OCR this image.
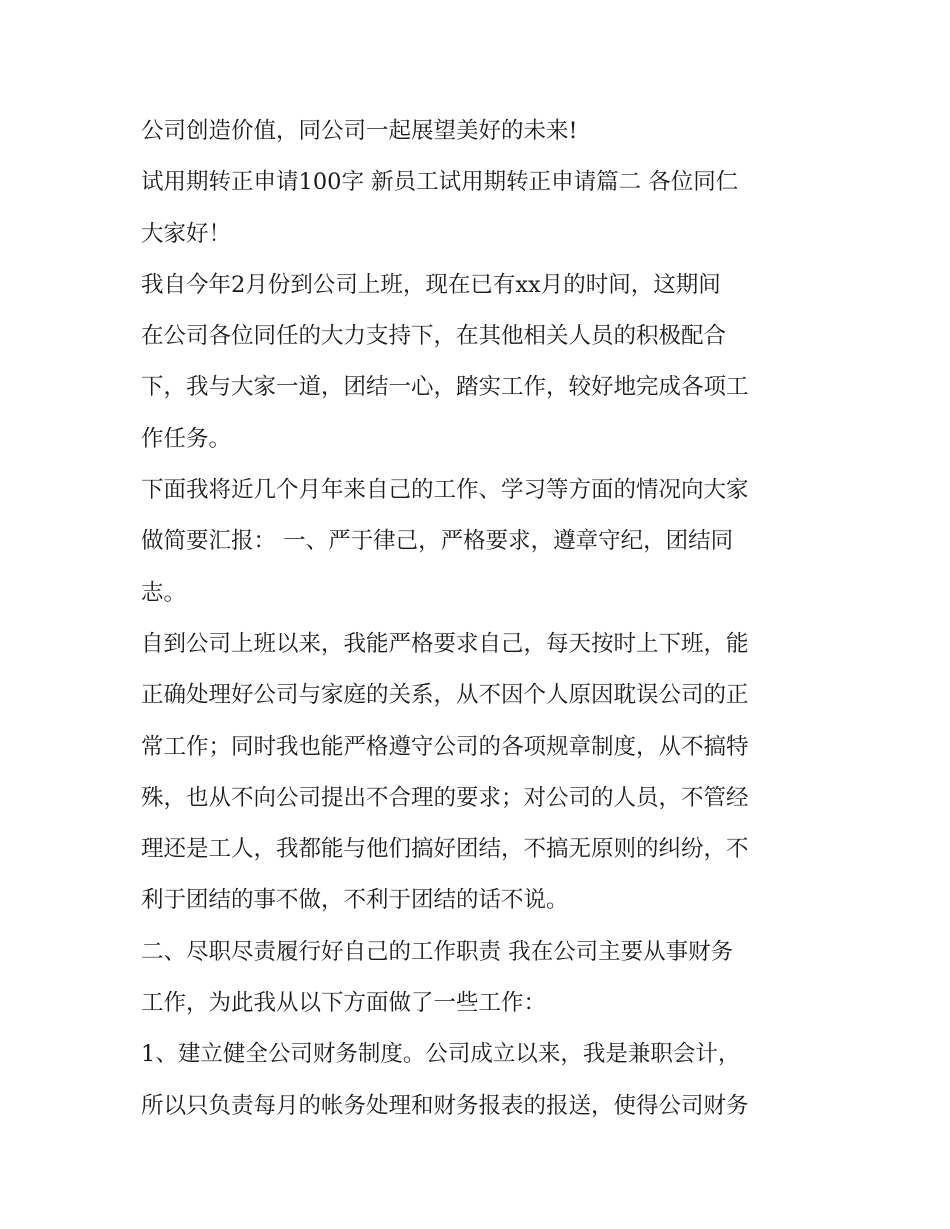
公司创造价值，同公司一起展望美好的未来!
试用期转正申请100字 新员工试用期转正申请篇二 各位同仁
大家好！
我自今年2月份到公司上班，现在已有xx月的时间，这期间
在公司各位同任的大力支持下，在其他相关人员的积极配合
下，我与大家一道，团结一心，踏实工作，较好地完成各项工
作任务。
下面我将近几个月年来自己的工作、学习等方面的情况向大家
做简要汇报： 一、严于律己，严格要求，遵章守纪，团结同
志。
自到公司上班以来，我能严格要求自己，每天按时上下班，能
正确处理好公司与家庭的关系，从不因个人原因耽误公司的正
常工作；同时我也能严格遵守公司的各项规章制度，从不搞特
殊，也从不向公司提出不合理的要求；对公司的人员，不管经
理还是工人，我都能与他们搞好团结，不搞无原则的纠纷，不
利于团结的事不做，不利于团结的话不说。
二、尽职尽责履行好自己的工作职责 我在公司主要从事财务
工作，为此我从以下方面做了一些工作：
1、建立健全公司财务制度。公司成立以来，我是兼职会计，
所以只负责每月的帐务处理和财务报表的报送，使得公司财务
